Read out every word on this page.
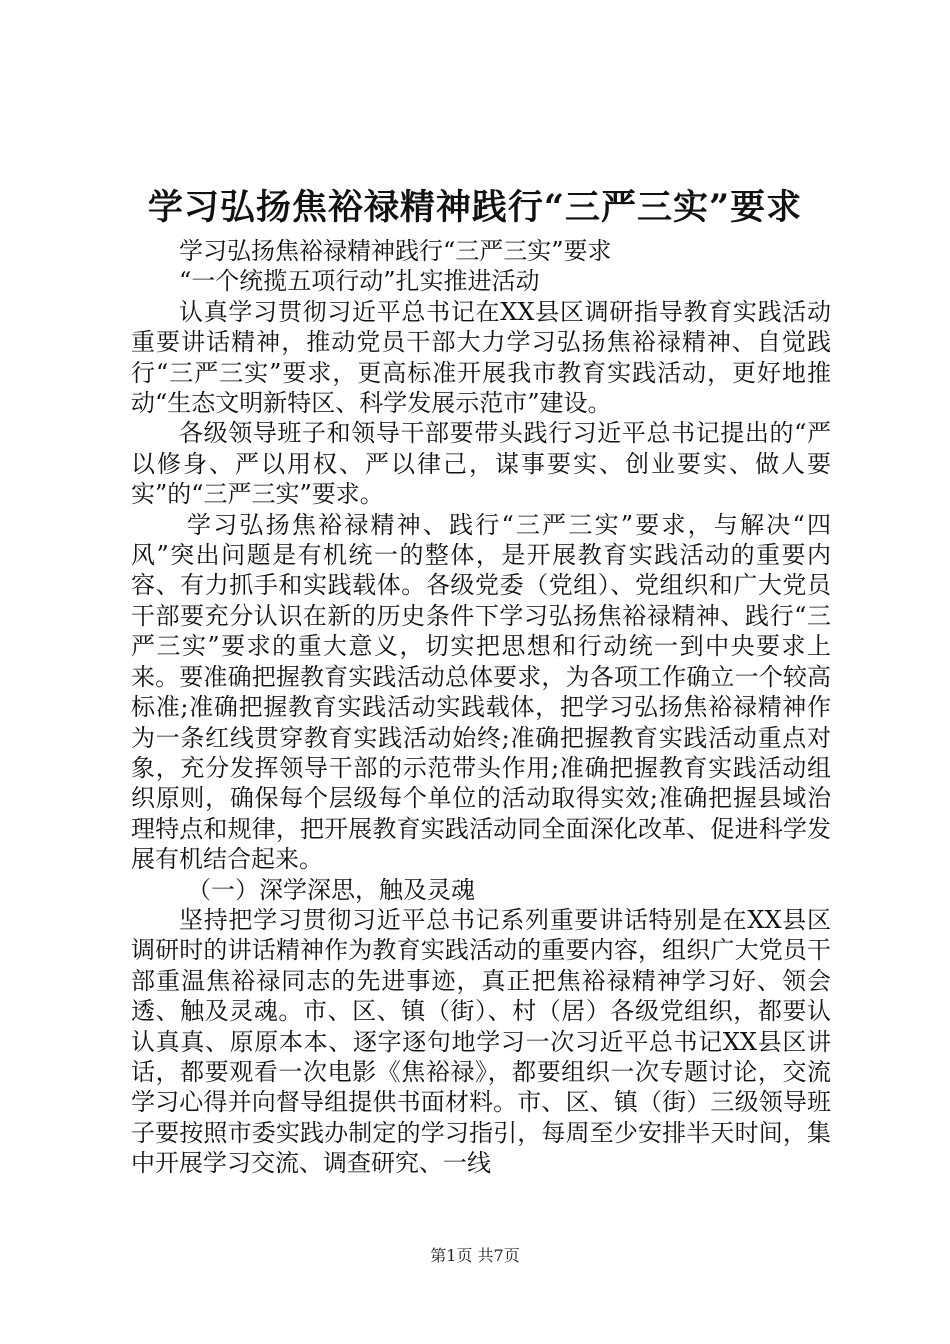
学习弘扬焦裕禄精神践行“三严三实”要求

学习弘扬焦裕禄精神践行“三严三实”要求

“一个统揽五项行动”扎实推进活动

认真学习贯彻习近平总书记在XX县区调研指导教育实践活动重要讲话精神，推动党员干部大力学习弘扬焦裕禄精神、自觉践行“三严三实”要求，更高标准开展我市教育实践活动，更好地推动“生态文明新特区、科学发展示范市”建设。

各级领导班子和领导干部要带头践行习近平总书记提出的“严以修身、严以用权、严以律己，谋事要实、创业要实、做人要实”的“三严三实”要求。

学习弘扬焦裕禄精神、践行“三严三实”要求，与解决“四风”突出问题是有机统一的整体，是开展教育实践活动的重要内容、有力抓手和实践载体。各级党委（党组）、党组织和广大党员干部要充分认识在新的历史条件下学习弘扬焦裕禄精神、践行“三严三实”要求的重大意义，切实把思想和行动统一到中央要求上来。要准确把握教育实践活动总体要求，为各项工作确立一个较高标准;准确把握教育实践活动实践载体，把学习弘扬焦裕禄精神作为一条红线贯穿教育实践活动始终;准确把握教育实践活动重点对象，充分发挥领导干部的示范带头作用;准确把握教育实践活动组织原则，确保每个层级每个单位的活动取得实效;准确把握县域治理特点和规律，把开展教育实践活动同全面深化改革、促进科学发展有机结合起来。

（一）深学深思，触及灵魂

坚持把学习贯彻习近平总书记系列重要讲话特别是在XX县区调研时的讲话精神作为教育实践活动的重要内容，组织广大党员干部重温焦裕禄同志的先进事迹，真正把焦裕禄精神学习好、领会透、触及灵魂。市、区、镇（街）、村（居）各级党组织，都要认认真真、原原本本、逐字逐句地学习一次习近平总书记XX县区讲话，都要观看一次电影《焦裕禄》，都要组织一次专题讨论，交流学习心得并向督导组提供书面材料。市、区、镇（街）三级领导班子要按照市委实践办制定的学习指引，每周至少安排半天时间，集中开展学习交流、调查研究、一线

第1页 共7页
